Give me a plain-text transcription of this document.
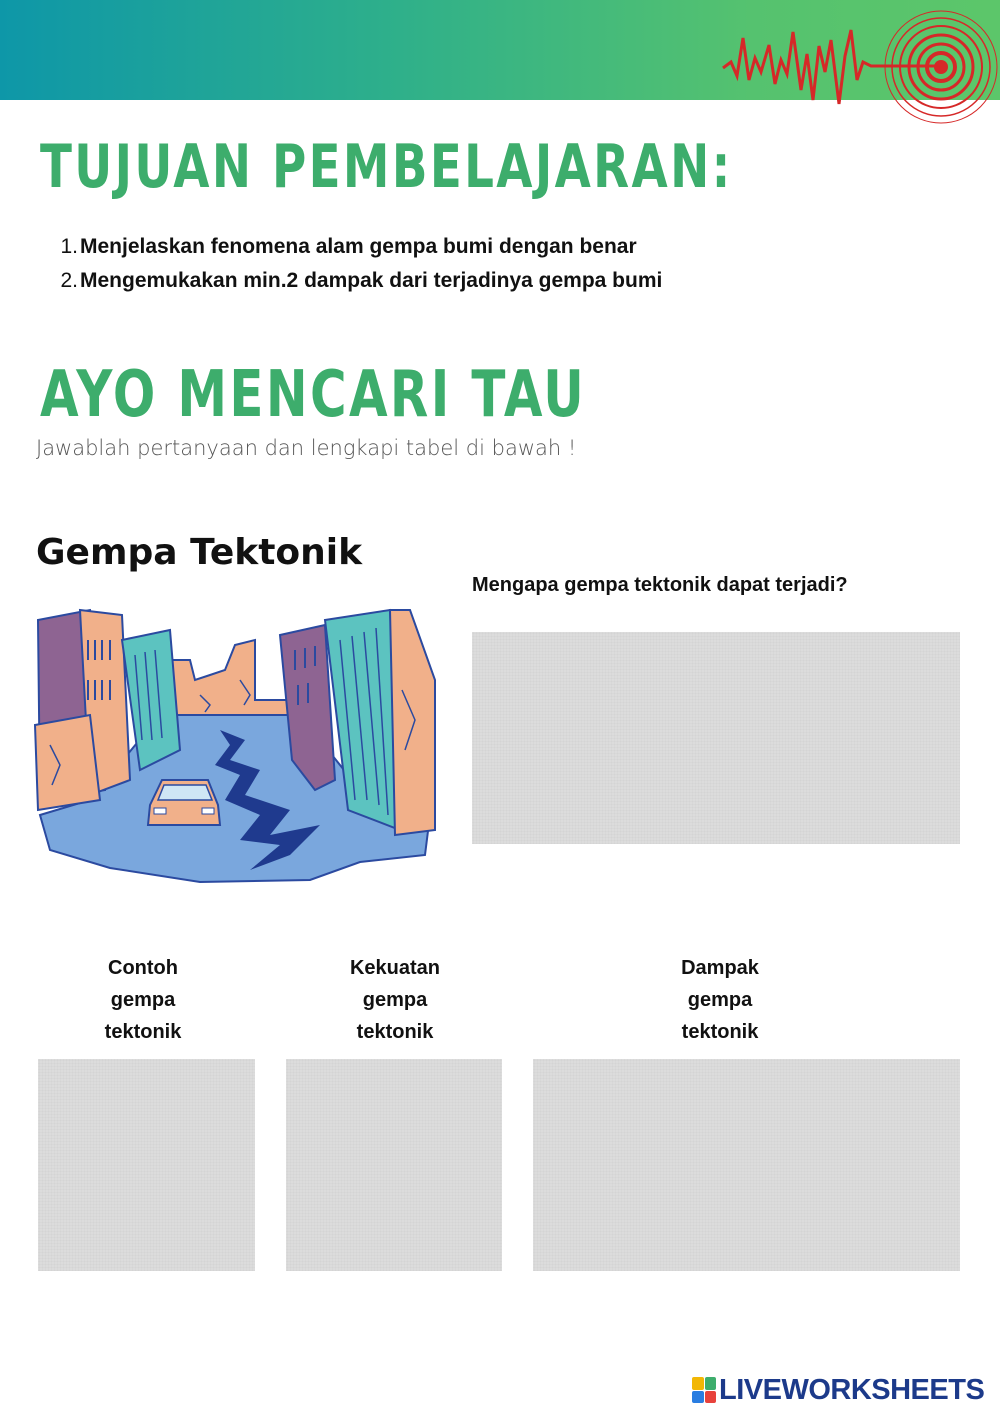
TUJUAN PEMBELAJARAN:
1. Menjelaskan fenomena alam gempa bumi dengan benar
2. Mengemukakan min.2 dampak dari terjadinya gempa bumi
AYO MENCARI TAU
Jawablah pertanyaan dan lengkapi tabel di bawah !
Gempa Tektonik
Mengapa gempa tektonik dapat terjadi?
Contoh
gempa
tektonik
Kekuatan
gempa
tektonik
Dampak
gempa
tektonik
LIVEWORKSHEETS
